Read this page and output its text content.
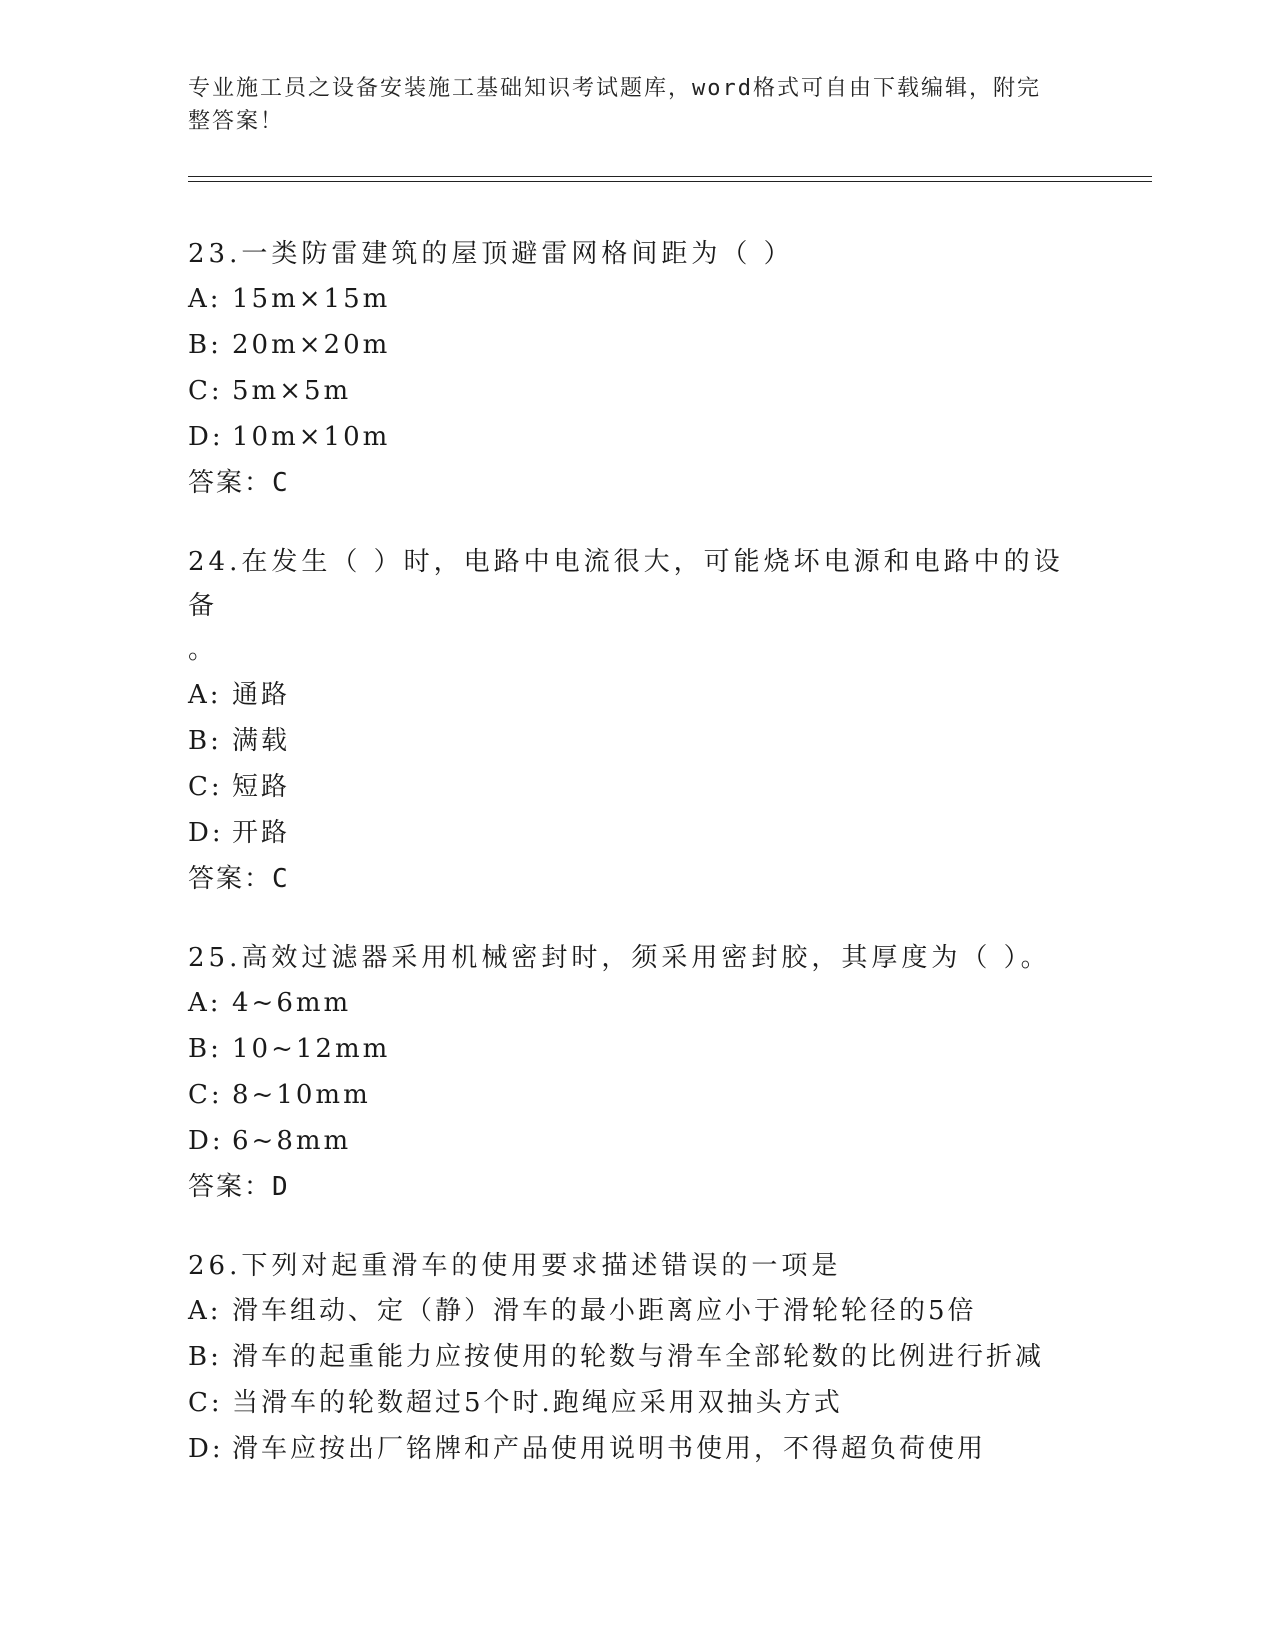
专业施工员之设备安装施工基础知识考试题库，word格式可自由下载编辑，附完
整答案！

23.一类防雷建筑的屋顶避雷网格间距为（ ）

A: 15m×15m

B: 20m×20m

C: 5m×5m

D: 10m×10m

答案：C

24.在发生（ ）时，电路中电流很大，可能烧坏电源和电路中的设备
。

A: 通路

B: 满载

C: 短路

D: 开路

答案：C

25.高效过滤器采用机械密封时，须采用密封胶，其厚度为（ ）。

A: 4~6mm

B: 10~12mm

C: 8~10mm

D: 6~8mm

答案：D

26.下列对起重滑车的使用要求描述错误的一项是

A: 滑车组动、定（静）滑车的最小距离应小于滑轮轮径的5倍

B: 滑车的起重能力应按使用的轮数与滑车全部轮数的比例进行折减

C: 当滑车的轮数超过5个时.跑绳应采用双抽头方式

D: 滑车应按出厂铭牌和产品使用说明书使用，不得超负荷使用
